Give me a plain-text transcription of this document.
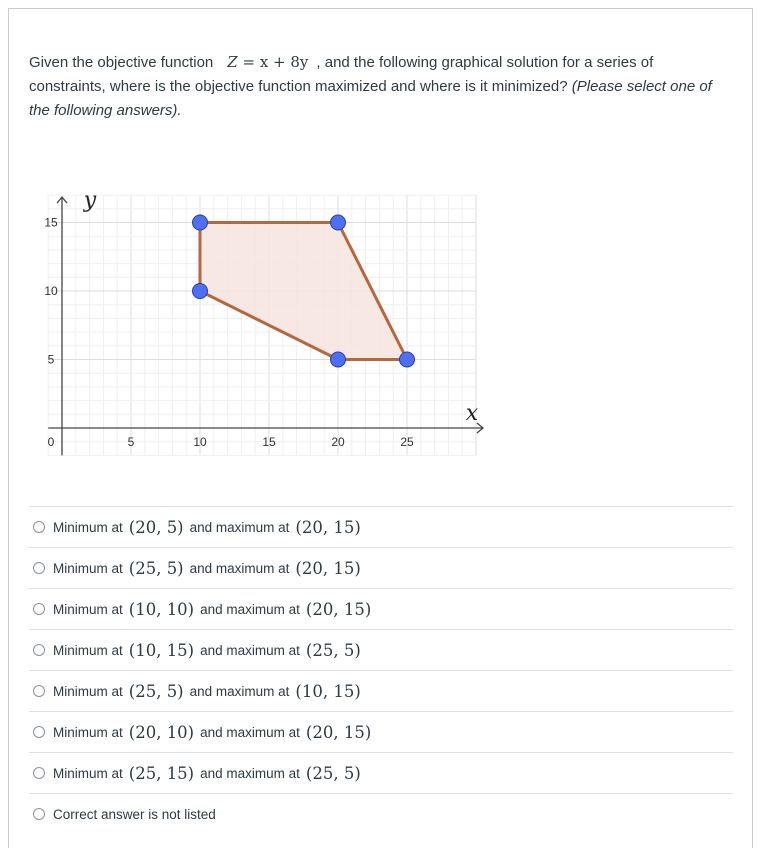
Given the objective function Z = x + 8y , and the following graphical solution for a series of constraints, where is the objective function maximized and where is it minimized? (Please select one of the following answers).
5	10	15	20	25
5
10
15
0
x
y
Minimum at (20, 5) and maximum at (20, 15)
Minimum at (25, 5) and maximum at (20, 15)
Minimum at (10, 10) and maximum at (20, 15)
Minimum at (10, 15) and maximum at (25, 5)
Minimum at (25, 5) and maximum at (10, 15)
Minimum at (20, 10) and maximum at (20, 15)
Minimum at (25, 15) and maximum at (25, 5)
Correct answer is not listed
